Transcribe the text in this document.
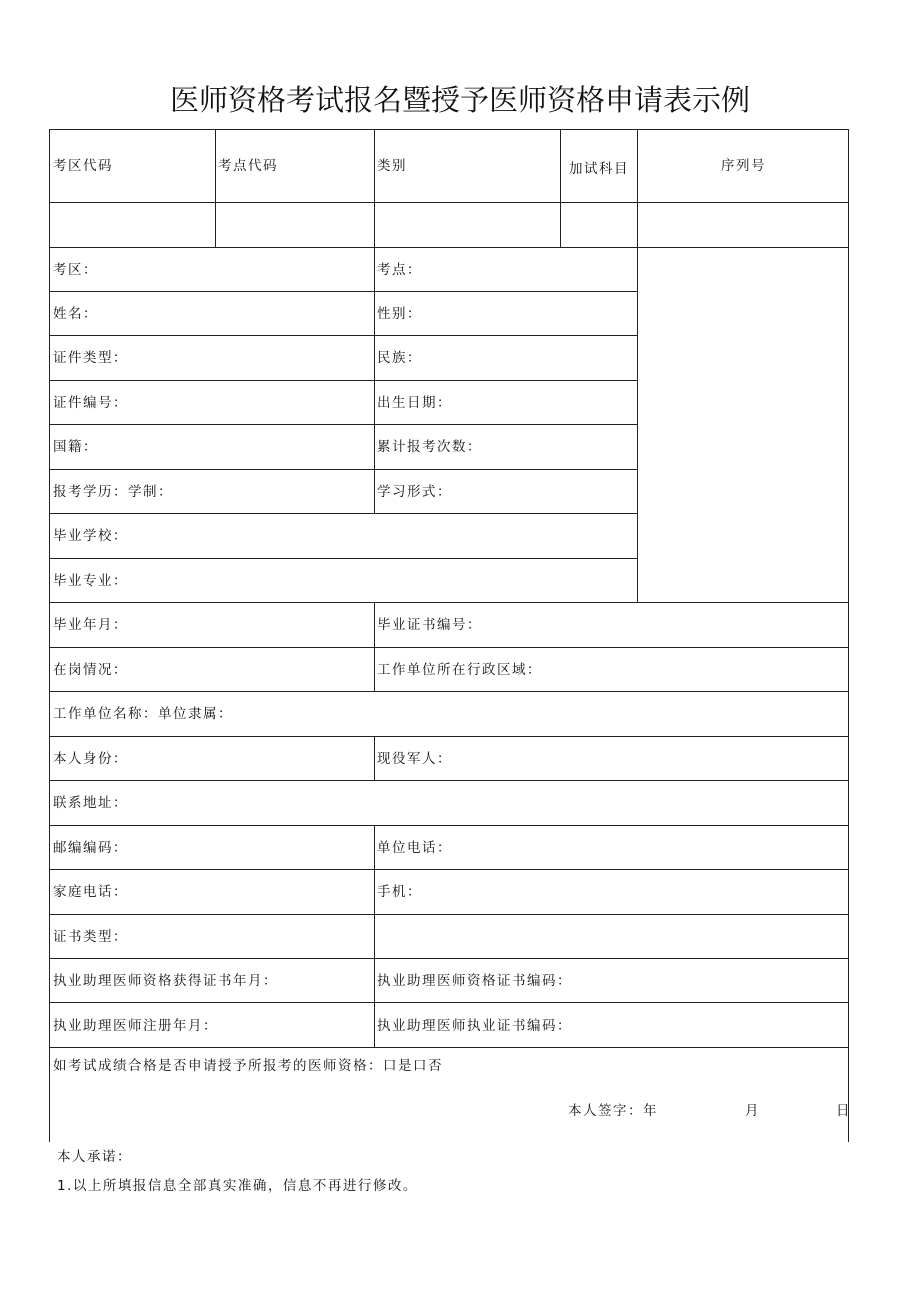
医师资格考试报名暨授予医师资格申请表示例
考区代码	考点代码	类别	加试科目	序列号
考区：	考点：
姓名：	性别：
证件类型：	民族：
证件编号：	出生日期：
国籍：	累计报考次数：
报考学历：学制：	学习形式：
毕业学校：
毕业专业：
毕业年月：	毕业证书编号：
在岗情况：	工作单位所在行政区域：
工作单位名称：单位隶属：
本人身份：	现役军人：
联系地址：
邮编编码：	单位电话：
家庭电话：	手机：
证书类型：
执业助理医师资格获得证书年月：	执业助理医师资格证书编码：
执业助理医师注册年月：	执业助理医师执业证书编码：
如考试成绩合格是否申请授予所报考的医师资格：口是口否
本人签字：年	月	日
本人承诺：
1.以上所填报信息全部真实准确，信息不再进行修改。
